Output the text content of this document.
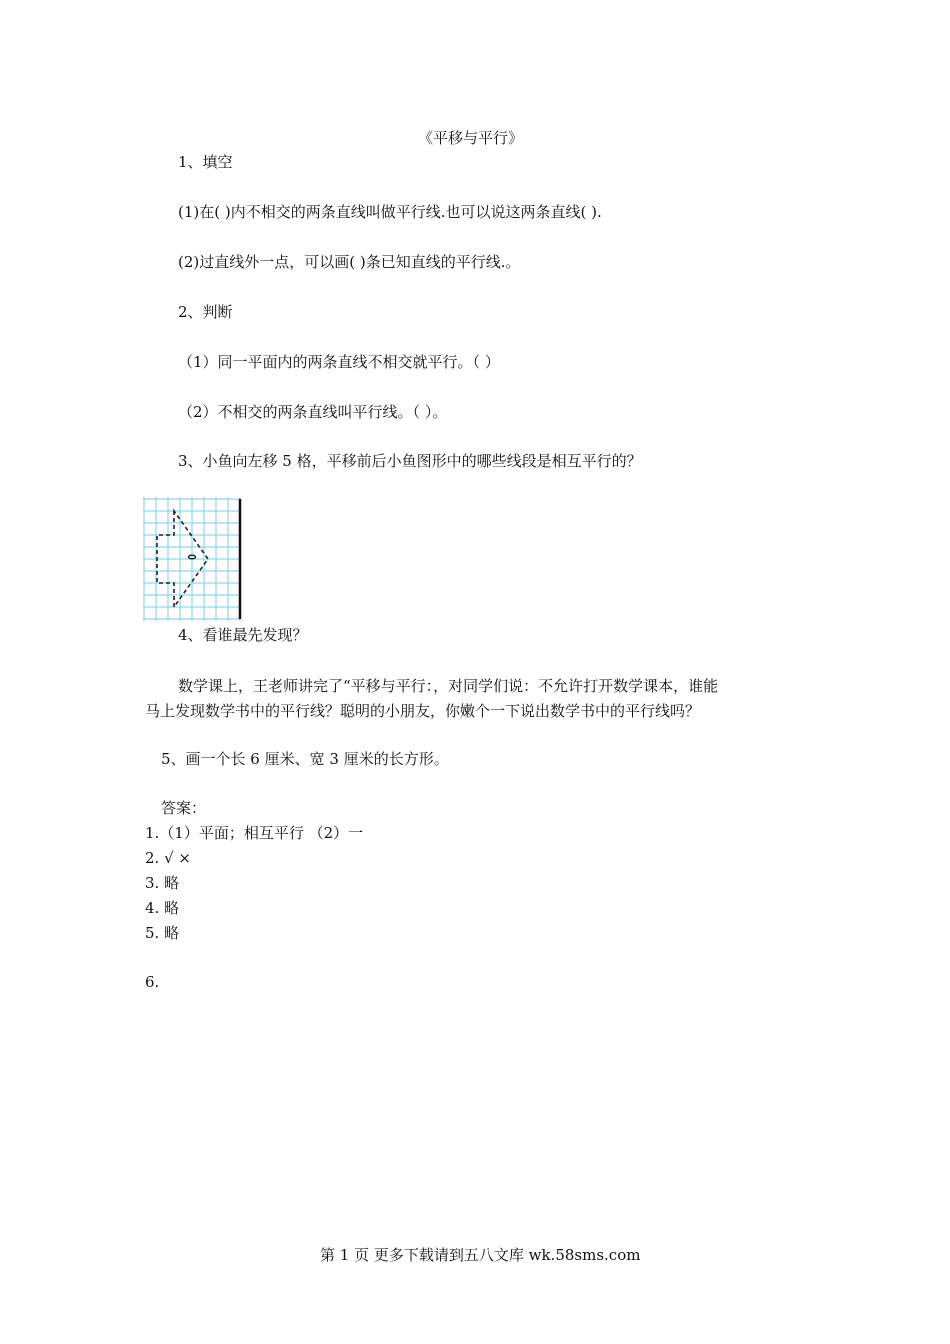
《平移与平行》
1、填空
(1)在( )内不相交的两条直线叫做平行线.也可以说这两条直线( ).
(2)过直线外一点，可以画( )条已知直线的平行线.。
2、判断
（1）同一平面内的两条直线不相交就平行。（ ）
（2）不相交的两条直线叫平行线。（ ）。
3、小鱼向左移 5 格，平移前后小鱼图形中的哪些线段是相互平行的？
4、看谁最先发现？
数学课上，王老师讲完了“平移与平行：，对同学们说：不允许打开数学课本，谁能
马上发现数学书中的平行线？聪明的小朋友，你嫩个一下说出数学书中的平行线吗？
5、画一个长 6 厘米、宽 3 厘米的长方形。
答案：
1.（1）平面；相互平行 （2）一
2. √ ×
3. 略
4. 略
5. 略
6.
第 1 页 更多下载请到五八文库 wk.58sms.com
